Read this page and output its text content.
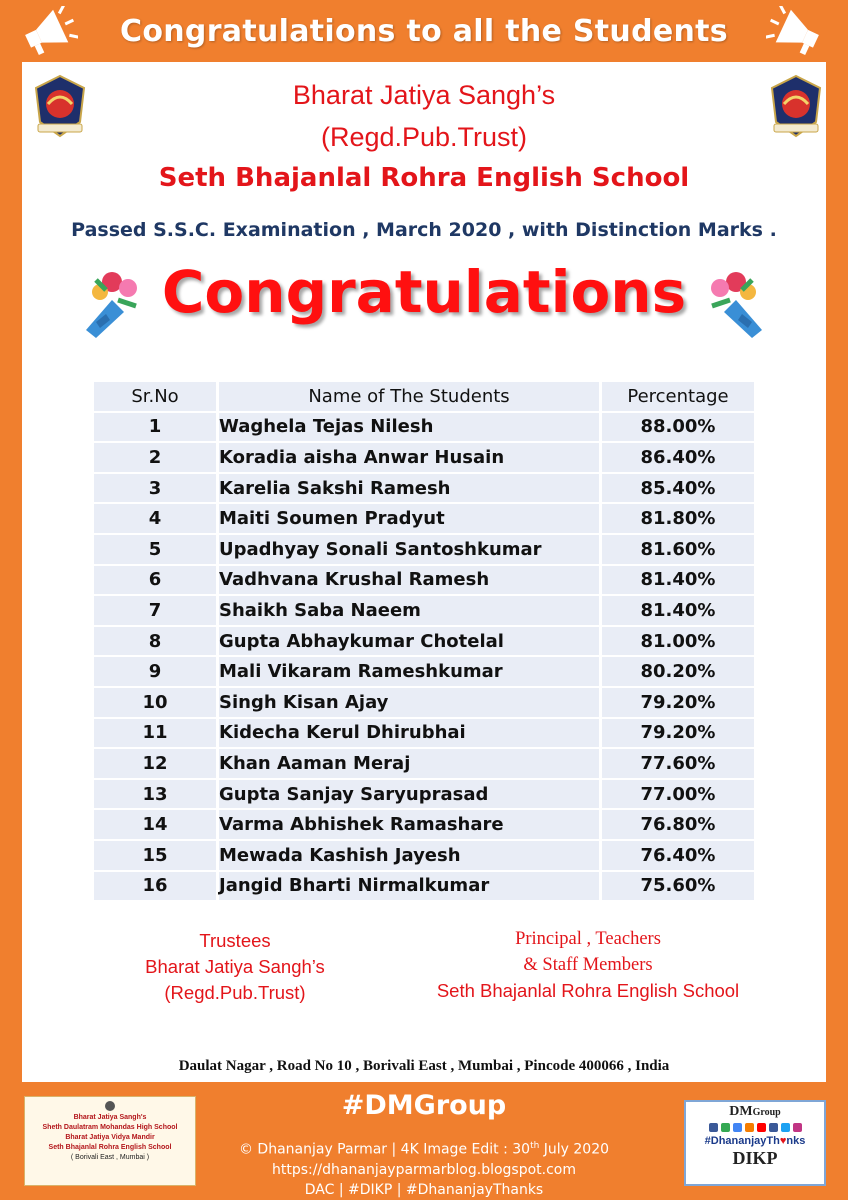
Congratulations to all the Students
Bharat Jatiya Sangh’s
(Regd.Pub.Trust)
Seth Bhajanlal Rohra English School
Passed S.S.C. Examination , March 2020 , with Distinction Marks .
Congratulations
Sr.No	Name of The Students	Percentage
1	Waghela Tejas Nilesh	88.00%
2	Koradia aisha Anwar Husain	86.40%
3	Karelia Sakshi Ramesh	85.40%
4	Maiti Soumen Pradyut	81.80%
5	Upadhyay Sonali Santoshkumar	81.60%
6	Vadhvana Krushal Ramesh	81.40%
7	Shaikh Saba Naeem	81.40%
8	Gupta Abhaykumar Chotelal	81.00%
9	Mali Vikaram Rameshkumar	80.20%
10	Singh Kisan Ajay	79.20%
11	Kidecha Kerul Dhirubhai	79.20%
12	Khan Aaman Meraj	77.60%
13	Gupta Sanjay Saryuprasad	77.00%
14	Varma Abhishek Ramashare	76.80%
15	Mewada Kashish Jayesh	76.40%
16	Jangid Bharti Nirmalkumar	75.60%
Trustees
Bharat Jatiya Sangh’s
(Regd.Pub.Trust)
Principal , Teachers
& Staff Members
Seth Bhajanlal Rohra English School
Daulat Nagar , Road No 10 , Borivali East , Mumbai , Pincode 400066 , India
Bharat Jatiya Sangh's
Sheth Daulatram Mohandas High School
Bharat Jatiya Vidya Mandir
Seth Bhajanlal Rohra English School
( Borivali East , Mumbai )
#DMGroup
© Dhananjay Parmar | 4K Image Edit : 30th July 2020
https://dhananjayparmarblog.blogspot.com
DAC | #DIKP | #DhananjayThanks
DMGroup
#DhananjayTh♥nks
DIKP
